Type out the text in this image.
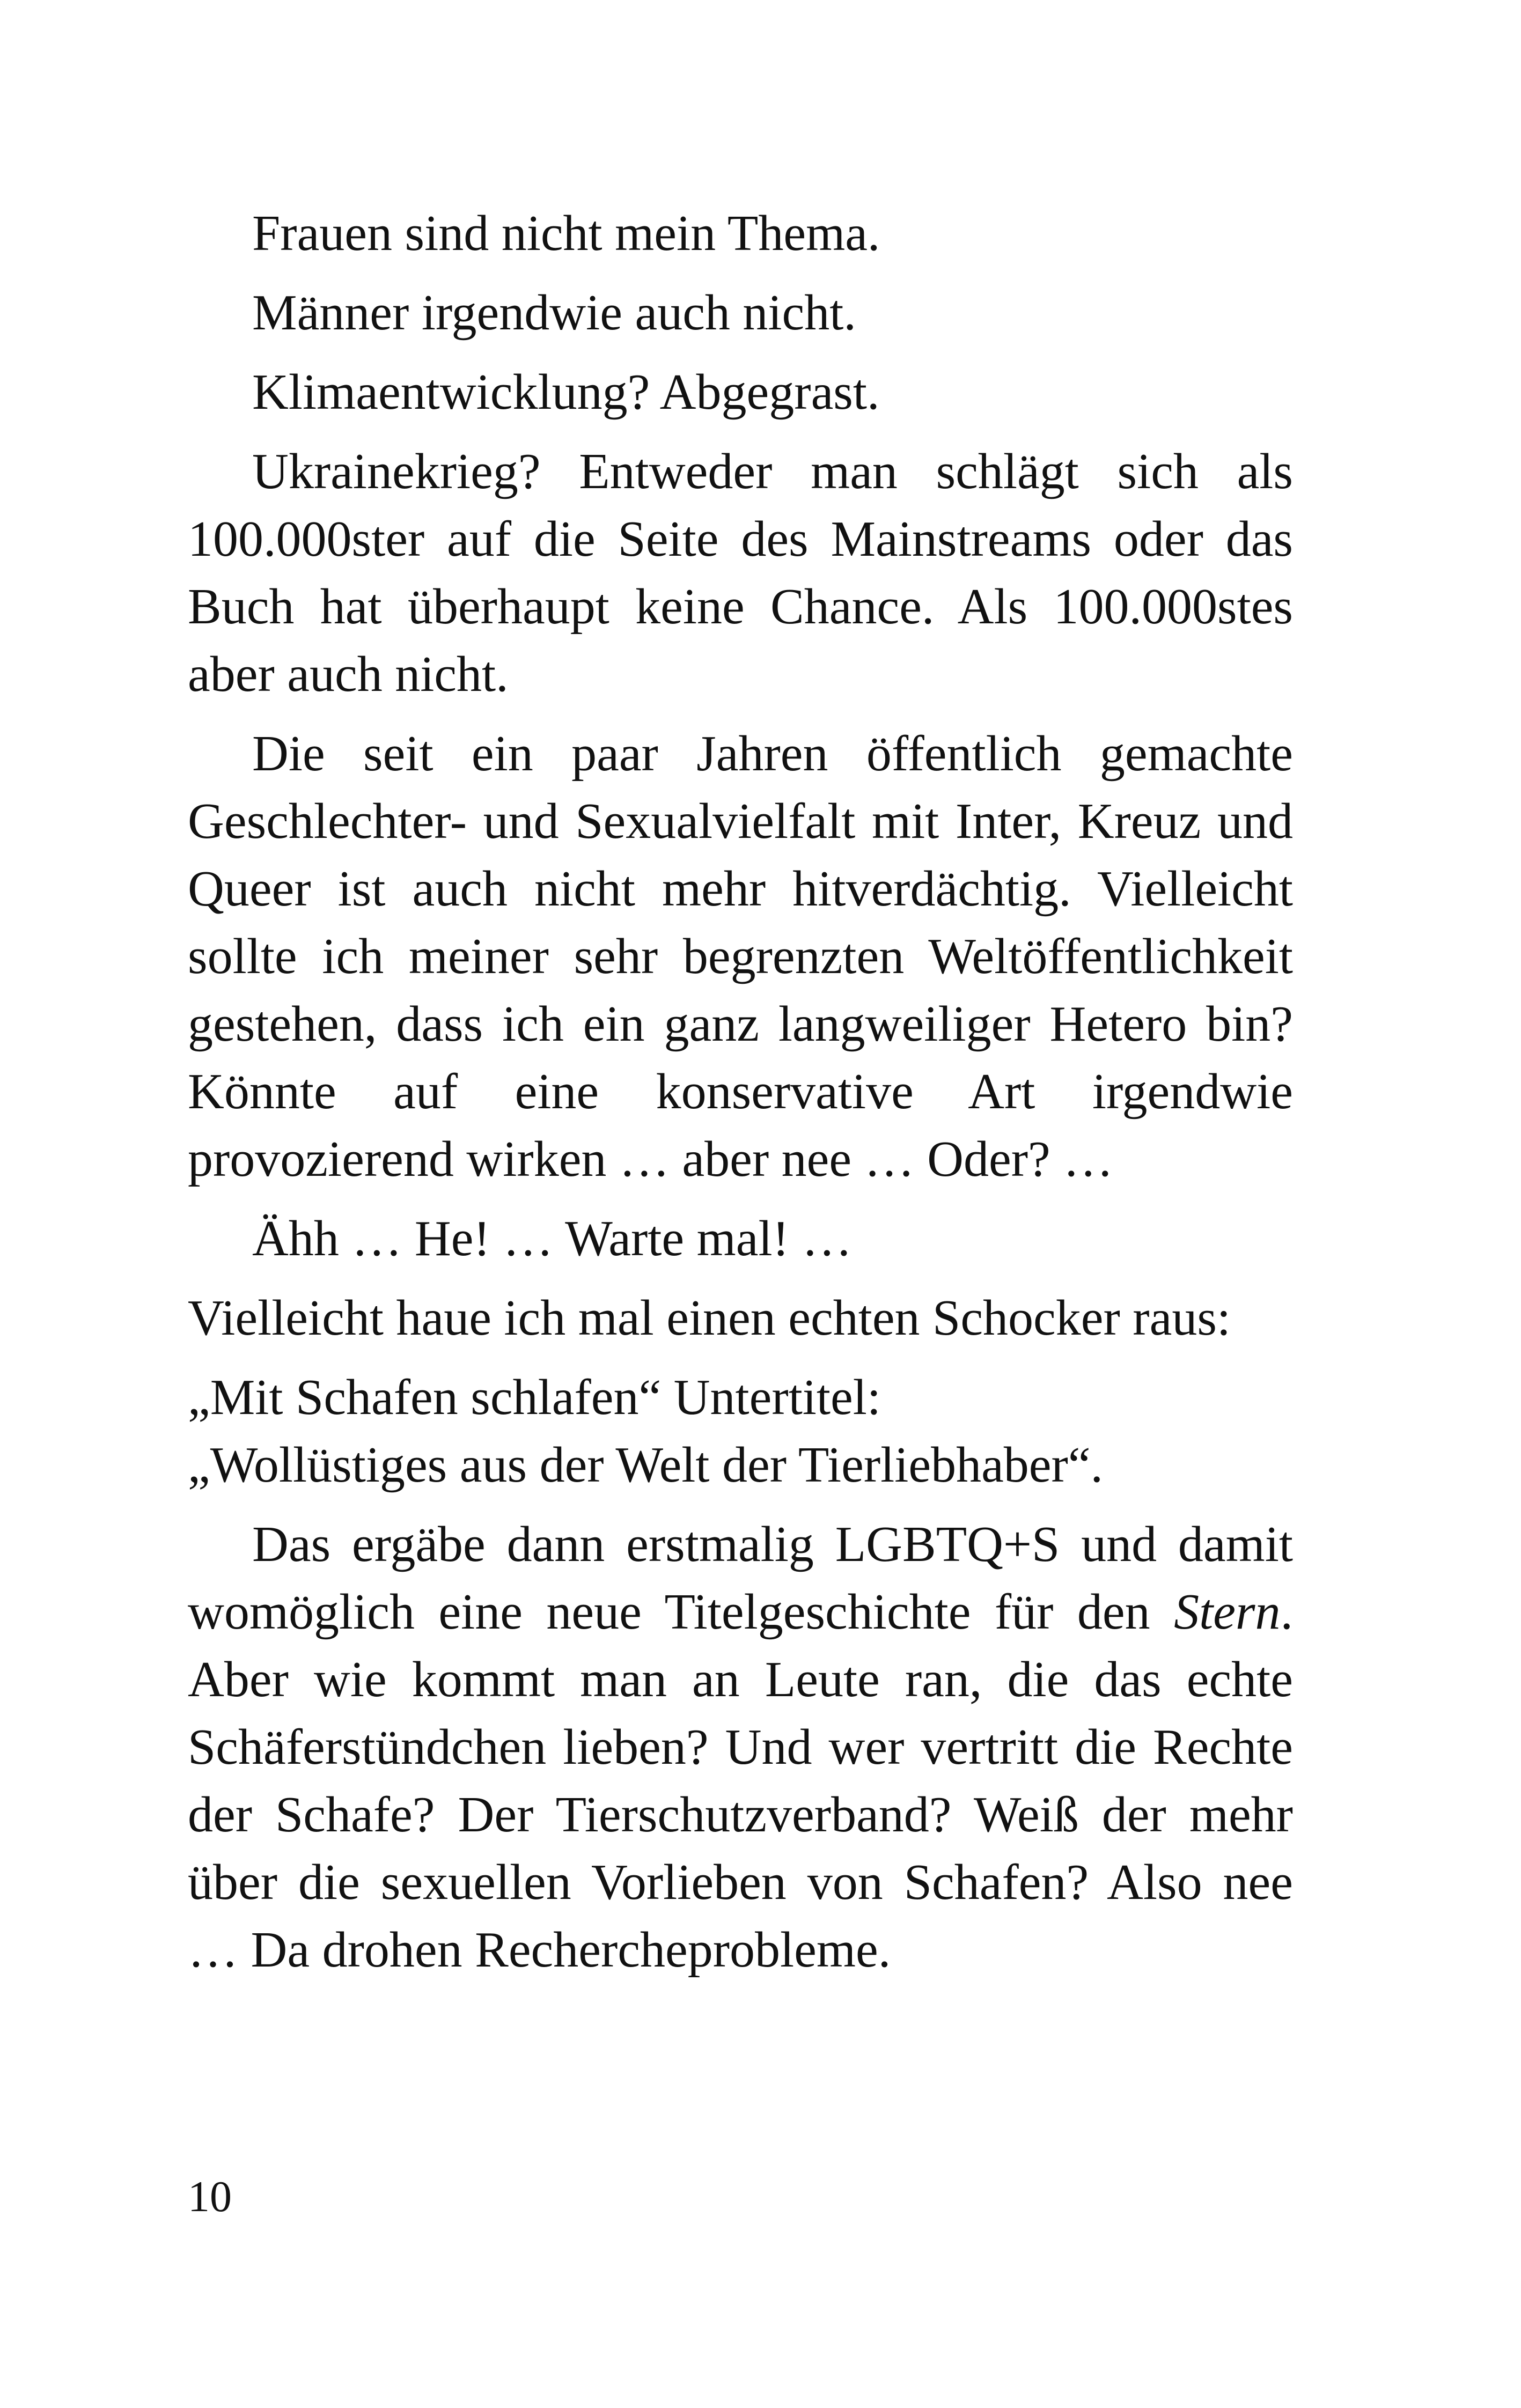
Frauen sind nicht mein Thema.

Männer irgendwie auch nicht.

Klimaentwicklung? Abgegrast.

Ukrainekrieg? Entweder man schlägt sich als 100.000ster auf die Seite des Mainstreams oder das Buch hat überhaupt keine Chance. Als 100.000stes aber auch nicht.

Die seit ein paar Jahren öffentlich gemachte Geschlechter- und Sexualvielfalt mit Inter, Kreuz und Queer ist auch nicht mehr hitverdächtig. Vielleicht sollte ich meiner sehr begrenzten Weltöffentlichkeit gestehen, dass ich ein ganz langweiliger Hetero bin? Könnte auf eine konservative Art irgendwie provozierend wirken … aber nee … Oder? …

Ähh … He! … Warte mal! …

Vielleicht haue ich mal einen echten Schocker raus:

„Mit Schafen schlafen“ Untertitel:
„Wollüstiges aus der Welt der Tierliebhaber“.

Das ergäbe dann erstmalig LGBTQ+S und damit womöglich eine neue Titelgeschichte für den Stern. Aber wie kommt man an Leute ran, die das echte Schäferstündchen lieben? Und wer vertritt die Rechte der Schafe? Der Tierschutzverband? Weiß der mehr über die sexuellen Vorlieben von Schafen? Also nee … Da drohen Rechercheprobleme.

10
